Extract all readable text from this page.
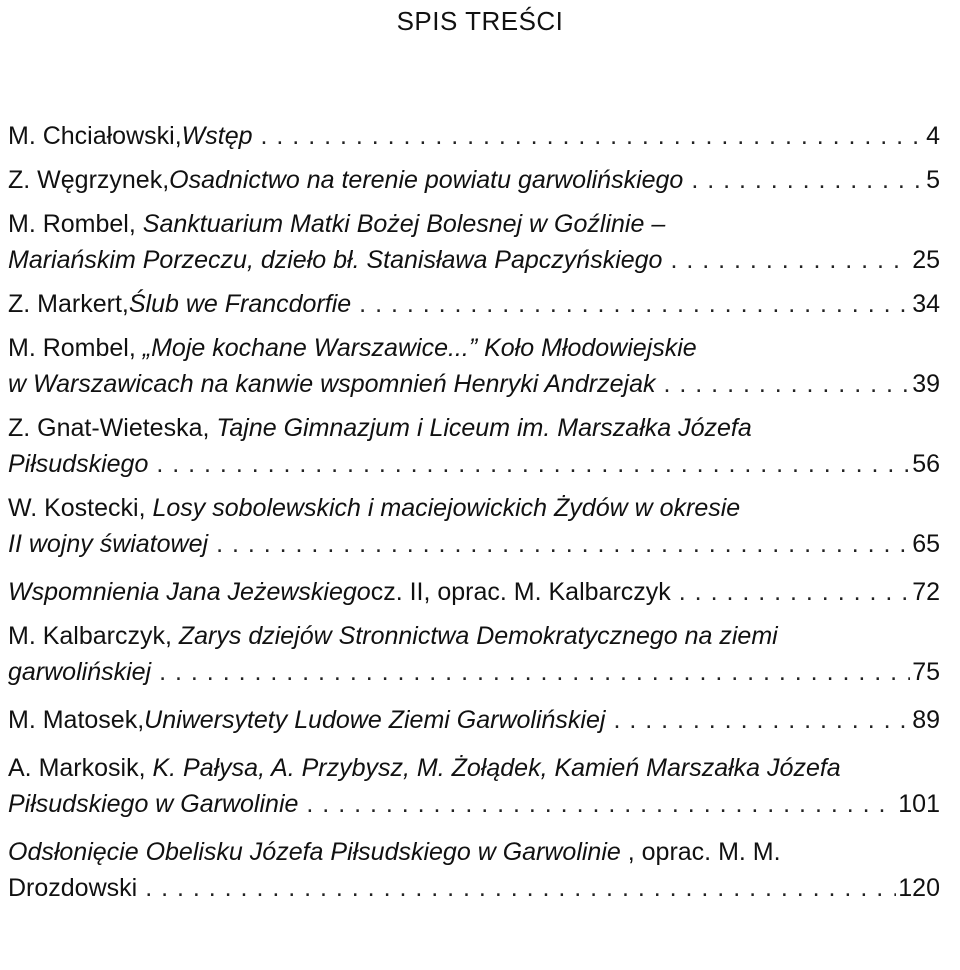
SPIS TREŚCI
M. Chciałowski, Wstęp . . .	4
Z. Węgrzynek, Osadnictwo na terenie powiatu garwolińskiego . . .	5
M. Rombel, Sanktuarium Matki Bożej Bolesnej w Goźlinie –
Mariańskim Porzeczu, dzieło bł. Stanisława Papczyńskiego . . .	25
Z. Markert, Ślub we Francdorfie . . .	34
M. Rombel, „Moje kochane Warszawice...” Koło Młodowiejskie
w Warszawicach na kanwie wspomnień Henryki Andrzejak . . .	39
Z. Gnat-Wieteska, Tajne Gimnazjum i Liceum im. Marszałka Józefa
Piłsudskiego . . .	56
W. Kostecki, Losy sobolewskich i maciejowickich Żydów w okresie
II wojny światowej . . .	65
Wspomnienia Jana Jeżewskiego cz. II, oprac. M. Kalbarczyk . . .	72
M. Kalbarczyk, Zarys dziejów Stronnictwa Demokratycznego na ziemi
garwolińskiej . . .	75
M. Matosek, Uniwersytety Ludowe Ziemi Garwolińskiej . . .	89
A. Markosik, K. Pałysa, A. Przybysz, M. Żołądek, Kamień Marszałka Józefa
Piłsudskiego w Garwolinie . . .	101
Odsłonięcie Obelisku Józefa Piłsudskiego w Garwolinie , oprac. M. M.
Drozdowski . . .	120
